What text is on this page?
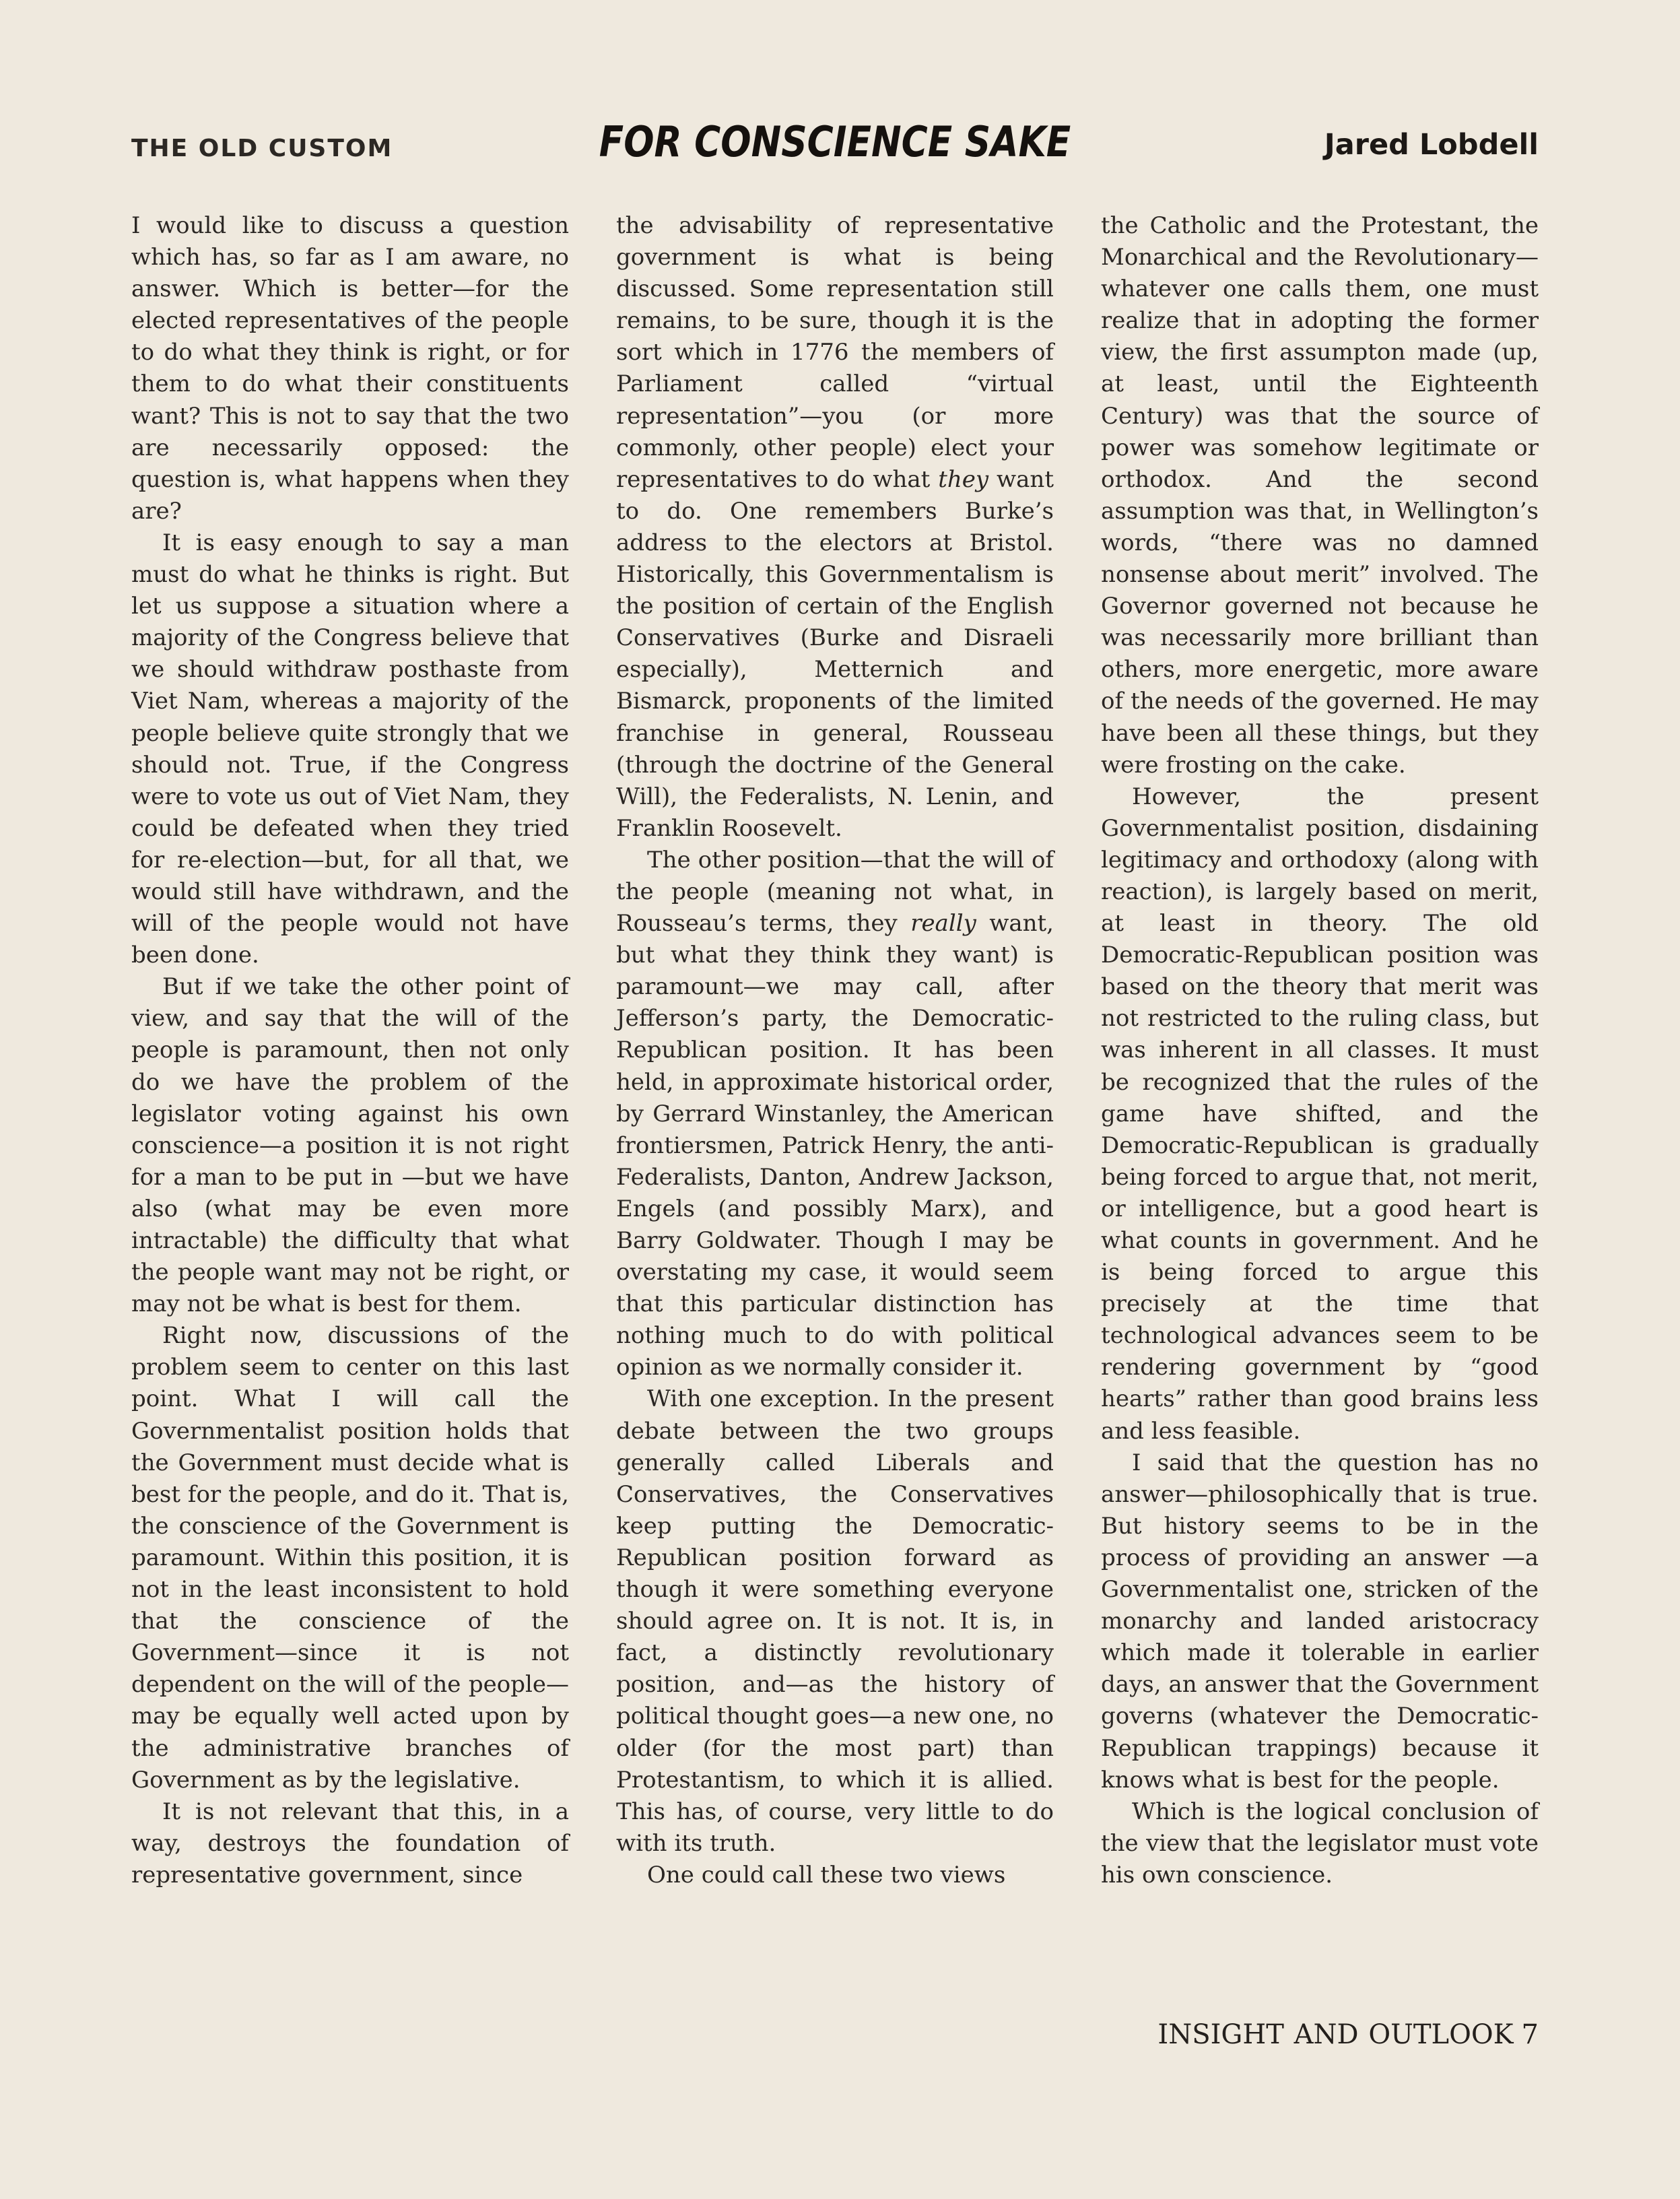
THE OLD CUSTOM	FOR CONSCIENCE SAKE	Jared Lobdell

I would like to discuss a question which has, so far as I am aware, no answer. Which is better—for the elected representatives of the people to do what they think is right, or for them to do what their constituents want? This is not to say that the two are necessarily opposed: the question is, what happens when they are?

It is easy enough to say a man must do what he thinks is right. But let us suppose a situation where a majority of the Congress believe that we should withdraw posthaste from Viet Nam, whereas a majority of the people believe quite strongly that we should not. True, if the Congress were to vote us out of Viet Nam, they could be defeated when they tried for re-election—but, for all that, we would still have withdrawn, and the will of the people would not have been done.

But if we take the other point of view, and say that the will of the people is paramount, then not only do we have the problem of the legislator voting against his own conscience—a position it is not right for a man to be put in —but we have also (what may be even more intractable) the difficulty that what the people want may not be right, or may not be what is best for them.

Right now, discussions of the problem seem to center on this last point. What I will call the Governmentalist position holds that the Government must decide what is best for the people, and do it. That is, the conscience of the Government is paramount. Within this position, it is not in the least inconsistent to hold that the conscience of the Government—since it is not dependent on the will of the people—may be equally well acted upon by the administrative branches of Government as by the legislative.

It is not relevant that this, in a way, destroys the foundation of representative government, since

the advisability of representative government is what is being discussed. Some representation still remains, to be sure, though it is the sort which in 1776 the members of Parliament called “virtual representation”—you (or more commonly, other people) elect your representatives to do what they want to do. One remembers Burke’s address to the electors at Bristol. Historically, this Governmentalism is the position of certain of the English Conservatives (Burke and Disraeli especially), Metternich and Bismarck, proponents of the limited franchise in general, Rousseau (through the doctrine of the General Will), the Federalists, N. Lenin, and Franklin Roosevelt.

The other position—that the will of the people (meaning not what, in Rousseau’s terms, they really want, but what they think they want) is paramount—we may call, after Jefferson’s party, the Democratic-Republican position. It has been held, in approximate historical order, by Gerrard Winstanley, the American frontiersmen, Patrick Henry, the anti-Federalists, Danton, Andrew Jackson, Engels (and possibly Marx), and Barry Goldwater. Though I may be overstating my case, it would seem that this particular distinction has nothing much to do with political opinion as we normally consider it.

With one exception. In the present debate between the two groups generally called Liberals and Conservatives, the Conservatives keep putting the Democratic-Republican position forward as though it were something everyone should agree on. It is not. It is, in fact, a distinctly revolutionary position, and—as the history of political thought goes—a new one, no older (for the most part) than Protestantism, to which it is allied. This has, of course, very little to do with its truth.

One could call these two views

the Catholic and the Protestant, the Monarchical and the Revolutionary—whatever one calls them, one must realize that in adopting the former view, the first assumpton made (up, at least, until the Eighteenth Century) was that the source of power was somehow legitimate or orthodox. And the second assumption was that, in Wellington’s words, “there was no damned nonsense about merit” involved. The Governor governed not because he was necessarily more brilliant than others, more energetic, more aware of the needs of the governed. He may have been all these things, but they were frosting on the cake.

However, the present Governmentalist position, disdaining legitimacy and orthodoxy (along with reaction), is largely based on merit, at least in theory. The old Democratic-Republican position was based on the theory that merit was not restricted to the ruling class, but was inherent in all classes. It must be recognized that the rules of the game have shifted, and the Democratic-Republican is gradually being forced to argue that, not merit, or intelligence, but a good heart is what counts in government. And he is being forced to argue this precisely at the time that technological advances seem to be rendering government by “good hearts” rather than good brains less and less feasible.

I said that the question has no answer—philosophically that is true. But history seems to be in the process of providing an answer —a Governmentalist one, stricken of the monarchy and landed aristocracy which made it tolerable in earlier days, an answer that the Government governs (whatever the Democratic-Republican trappings) because it knows what is best for the people.

Which is the logical conclusion of the view that the legislator must vote his own conscience.

INSIGHT AND OUTLOOK 7
